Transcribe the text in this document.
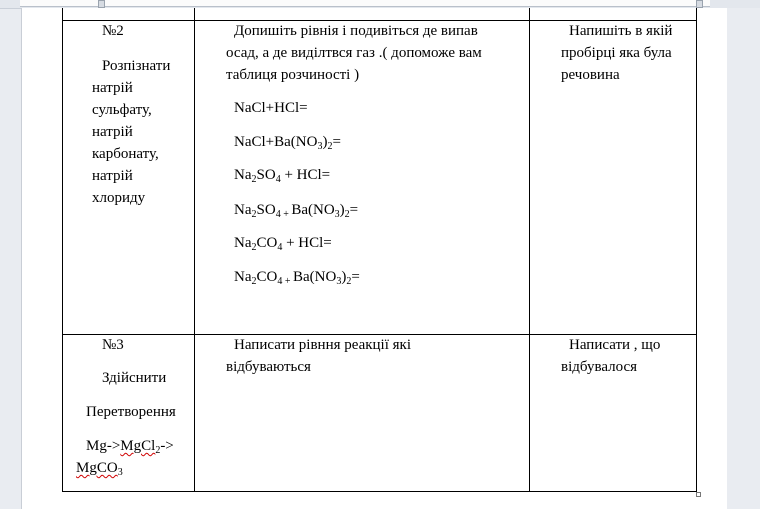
№2
Розпізнати
натрій
сульфату,
натрій
карбонату,
натрій
хлориду
Допишіть рівнія і подивіться де випав
осад, а де виділтвся газ .( допоможе вам
таблиця розчиності )
NaCl+HCl=
$NaCl+Ba(NO_3)_2=$
$Na_2SO_4 + HCl=$
$Na_2SO_{4 +}$ $Ba(NO_3)_2=$
$Na_2CO_4 + HCl=$
$Na_2CO_{4 +}$ $Ba(NO_3)_2=$
Напишіть в якій
пробірці яка була
речовина
№3
Здійснити
Перетворення
Mg->MgCl$_2$->
MgCO$_3$
Написати рівння реакції які
відбуваються
Написати , що
відбувалося
